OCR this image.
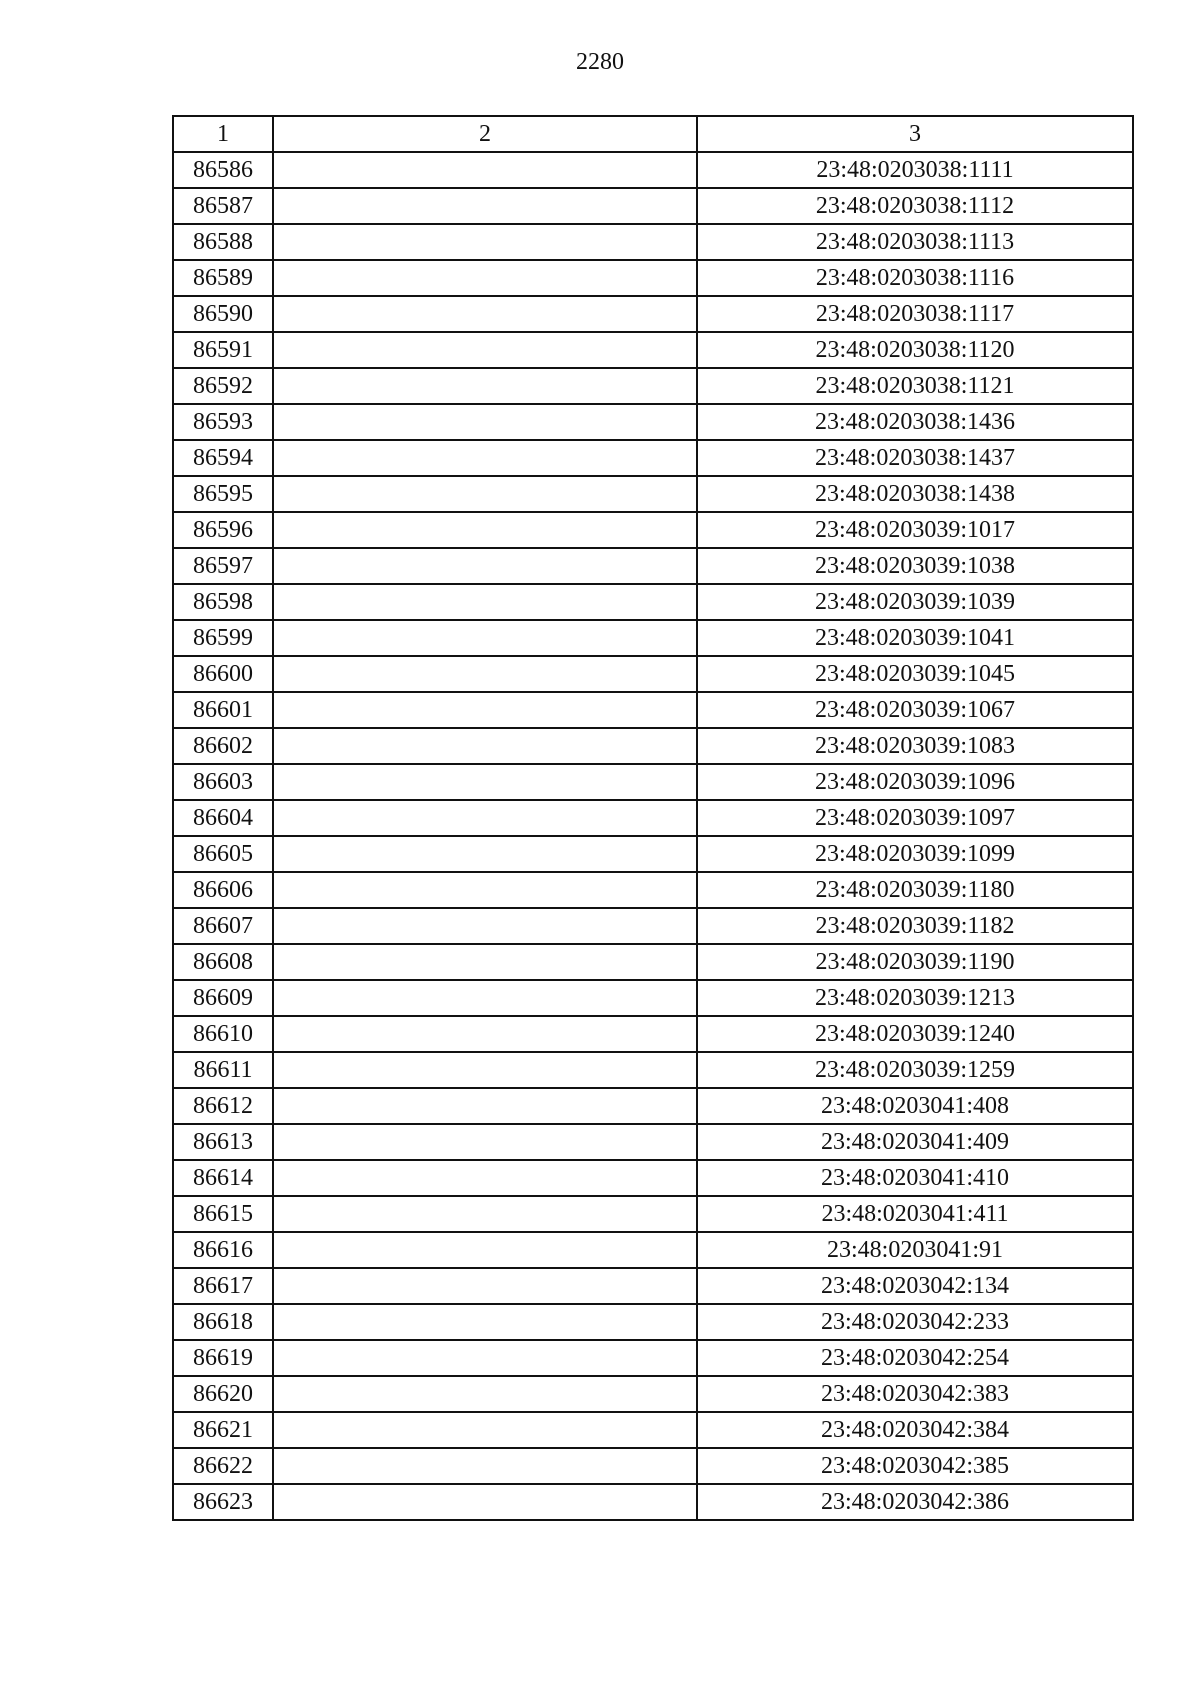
2280
1	2	3
86586		23:48:0203038:1111
86587		23:48:0203038:1112
86588		23:48:0203038:1113
86589		23:48:0203038:1116
86590		23:48:0203038:1117
86591		23:48:0203038:1120
86592		23:48:0203038:1121
86593		23:48:0203038:1436
86594		23:48:0203038:1437
86595		23:48:0203038:1438
86596		23:48:0203039:1017
86597		23:48:0203039:1038
86598		23:48:0203039:1039
86599		23:48:0203039:1041
86600		23:48:0203039:1045
86601		23:48:0203039:1067
86602		23:48:0203039:1083
86603		23:48:0203039:1096
86604		23:48:0203039:1097
86605		23:48:0203039:1099
86606		23:48:0203039:1180
86607		23:48:0203039:1182
86608		23:48:0203039:1190
86609		23:48:0203039:1213
86610		23:48:0203039:1240
86611		23:48:0203039:1259
86612		23:48:0203041:408
86613		23:48:0203041:409
86614		23:48:0203041:410
86615		23:48:0203041:411
86616		23:48:0203041:91
86617		23:48:0203042:134
86618		23:48:0203042:233
86619		23:48:0203042:254
86620		23:48:0203042:383
86621		23:48:0203042:384
86622		23:48:0203042:385
86623		23:48:0203042:386
